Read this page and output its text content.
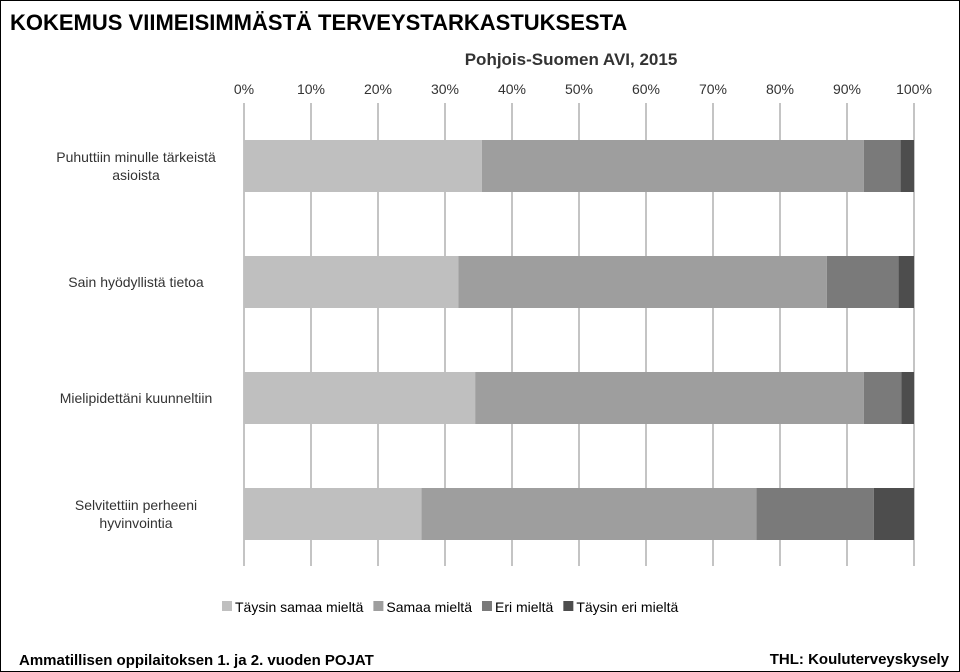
KOKEMUS VIIMEISIMMÄSTÄ TERVEYSTARKASTUKSESTA
Pohjois-Suomen AVI, 2015
0%	10%	20%	30%	40%	50%	60%	70%	80%	90%	100%
Puhuttiin minulle tärkeistä
asioista
Sain hyödyllistä tietoa
Mielipidettäni kuunneltiin
Selvitettiin perheeni
hyvinvointia
Täysin samaa mieltä Samaa mieltä Eri mieltä Täysin eri mieltä
Ammatillisen oppilaitoksen 1. ja 2. vuoden POJAT	THL: Kouluterveyskysely
